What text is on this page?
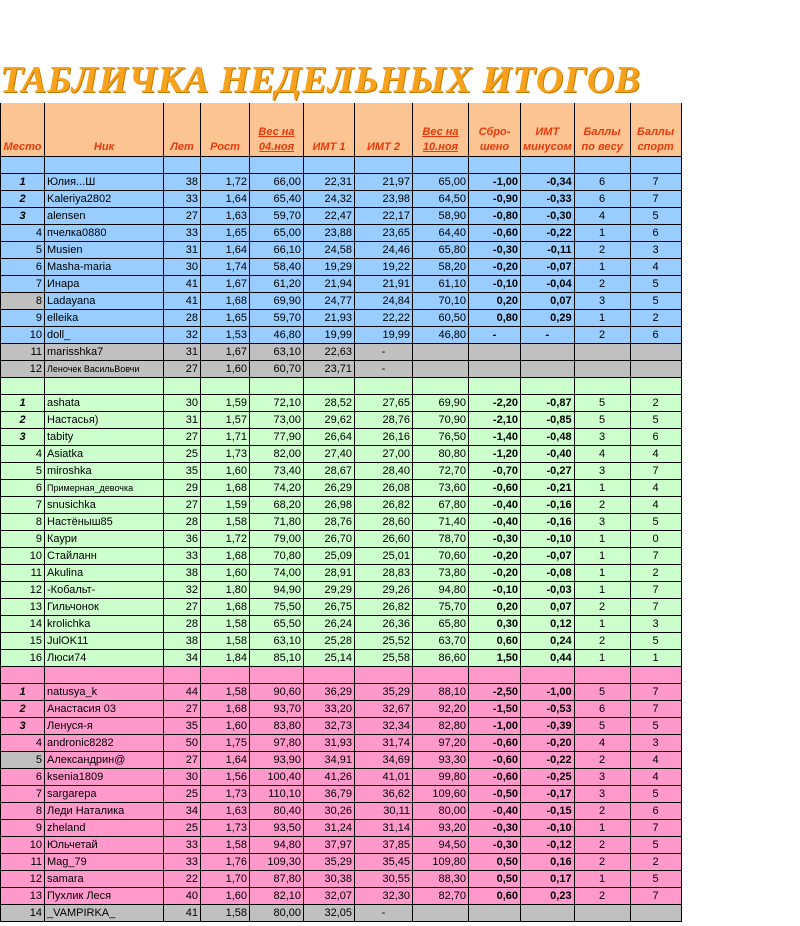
ТАБЛИЧКА НЕДЕЛЬНЫХ ИТОГОВ
				Вес на			Вес на	Сбро-	ИМТ	Баллы	Баллы
Место	Ник	Лет	Рост	04.ноя	ИМТ 1	ИМТ 2	10.ноя	шено	минусом	по весу	спорт

1	Юлия...Ш	38	1,72	66,00	22,31	21,97	65,00	-1,00	-0,34	6	7
2	Kaleriya2802	33	1,64	65,40	24,32	23,98	64,50	-0,90	-0,33	6	7
3	alensen	27	1,63	59,70	22,47	22,17	58,90	-0,80	-0,30	4	5
4	пчелка0880	33	1,65	65,00	23,88	23,65	64,40	-0,60	-0,22	1	6
5	Musien	31	1,64	66,10	24,58	24,46	65,80	-0,30	-0,11	2	3
6	Masha-maria	30	1,74	58,40	19,29	19,22	58,20	-0,20	-0,07	1	4
7	Инара	41	1,67	61,20	21,94	21,91	61,10	-0,10	-0,04	2	5
8	Ladayana	41	1,68	69,90	24,77	24,84	70,10	0,20	0,07	3	5
9	elleika	28	1,65	59,70	21,93	22,22	60,50	0,80	0,29	1	2
10	doll_	32	1,53	46,80	19,99	19,99	46,80	-	-	2	6
11	marisshka7	31	1,67	63,10	22,63	-					
12	Леночек ВасильВовчи	27	1,60	60,70	23,71	-					

1	ashata	30	1,59	72,10	28,52	27,65	69,90	-2,20	-0,87	5	2
2	Настасья)	31	1,57	73,00	29,62	28,76	70,90	-2,10	-0,85	5	5
3	tabity	27	1,71	77,90	26,64	26,16	76,50	-1,40	-0,48	3	6
4	Asiatka	25	1,73	82,00	27,40	27,00	80,80	-1,20	-0,40	4	4
5	miroshka	35	1,60	73,40	28,67	28,40	72,70	-0,70	-0,27	3	7
6	Примерная_девочка	29	1,68	74,20	26,29	26,08	73,60	-0,60	-0,21	1	4
7	snusichka	27	1,59	68,20	26,98	26,82	67,80	-0,40	-0,16	2	4
8	Настёныш85	28	1,58	71,80	28,76	28,60	71,40	-0,40	-0,16	3	5
9	Каури	36	1,72	79,00	26,70	26,60	78,70	-0,30	-0,10	1	0
10	Стайланн	33	1,68	70,80	25,09	25,01	70,60	-0,20	-0,07	1	7
11	Akulina	38	1,60	74,00	28,91	28,83	73,80	-0,20	-0,08	1	2
12	-Кобальт-	32	1,80	94,90	29,29	29,26	94,80	-0,10	-0,03	1	7
13	Гильчонок	27	1,68	75,50	26,75	26,82	75,70	0,20	0,07	2	7
14	krolichka	28	1,58	65,50	26,24	26,36	65,80	0,30	0,12	1	3
15	JulOK11	38	1,58	63,10	25,28	25,52	63,70	0,60	0,24	2	5
16	Люси74	34	1,84	85,10	25,14	25,58	86,60	1,50	0,44	1	1

1	natusya_k	44	1,58	90,60	36,29	35,29	88,10	-2,50	-1,00	5	7
2	Анастасия 03	27	1,68	93,70	33,20	32,67	92,20	-1,50	-0,53	6	7
3	Ленуся-я	35	1,60	83,80	32,73	32,34	82,80	-1,00	-0,39	5	5
4	andronic8282	50	1,75	97,80	31,93	31,74	97,20	-0,60	-0,20	4	3
5	Александрин@	27	1,64	93,90	34,91	34,69	93,30	-0,60	-0,22	2	4
6	ksenia1809	30	1,56	100,40	41,26	41,01	99,80	-0,60	-0,25	3	4
7	sargarepa	25	1,73	110,10	36,79	36,62	109,60	-0,50	-0,17	3	5
8	Леди Наталика	34	1,63	80,40	30,26	30,11	80,00	-0,40	-0,15	2	6
9	zheland	25	1,73	93,50	31,24	31,14	93,20	-0,30	-0,10	1	7
10	Юльчетай	33	1,58	94,80	37,97	37,85	94,50	-0,30	-0,12	2	5
11	Mag_79	33	1,76	109,30	35,29	35,45	109,80	0,50	0,16	2	2
12	samara	22	1,70	87,80	30,38	30,55	88,30	0,50	0,17	1	5
13	Пухлик Леся	40	1,60	82,10	32,07	32,30	82,70	0,60	0,23	2	7
14	_VAMPIRKA_	41	1,58	80,00	32,05	-					
